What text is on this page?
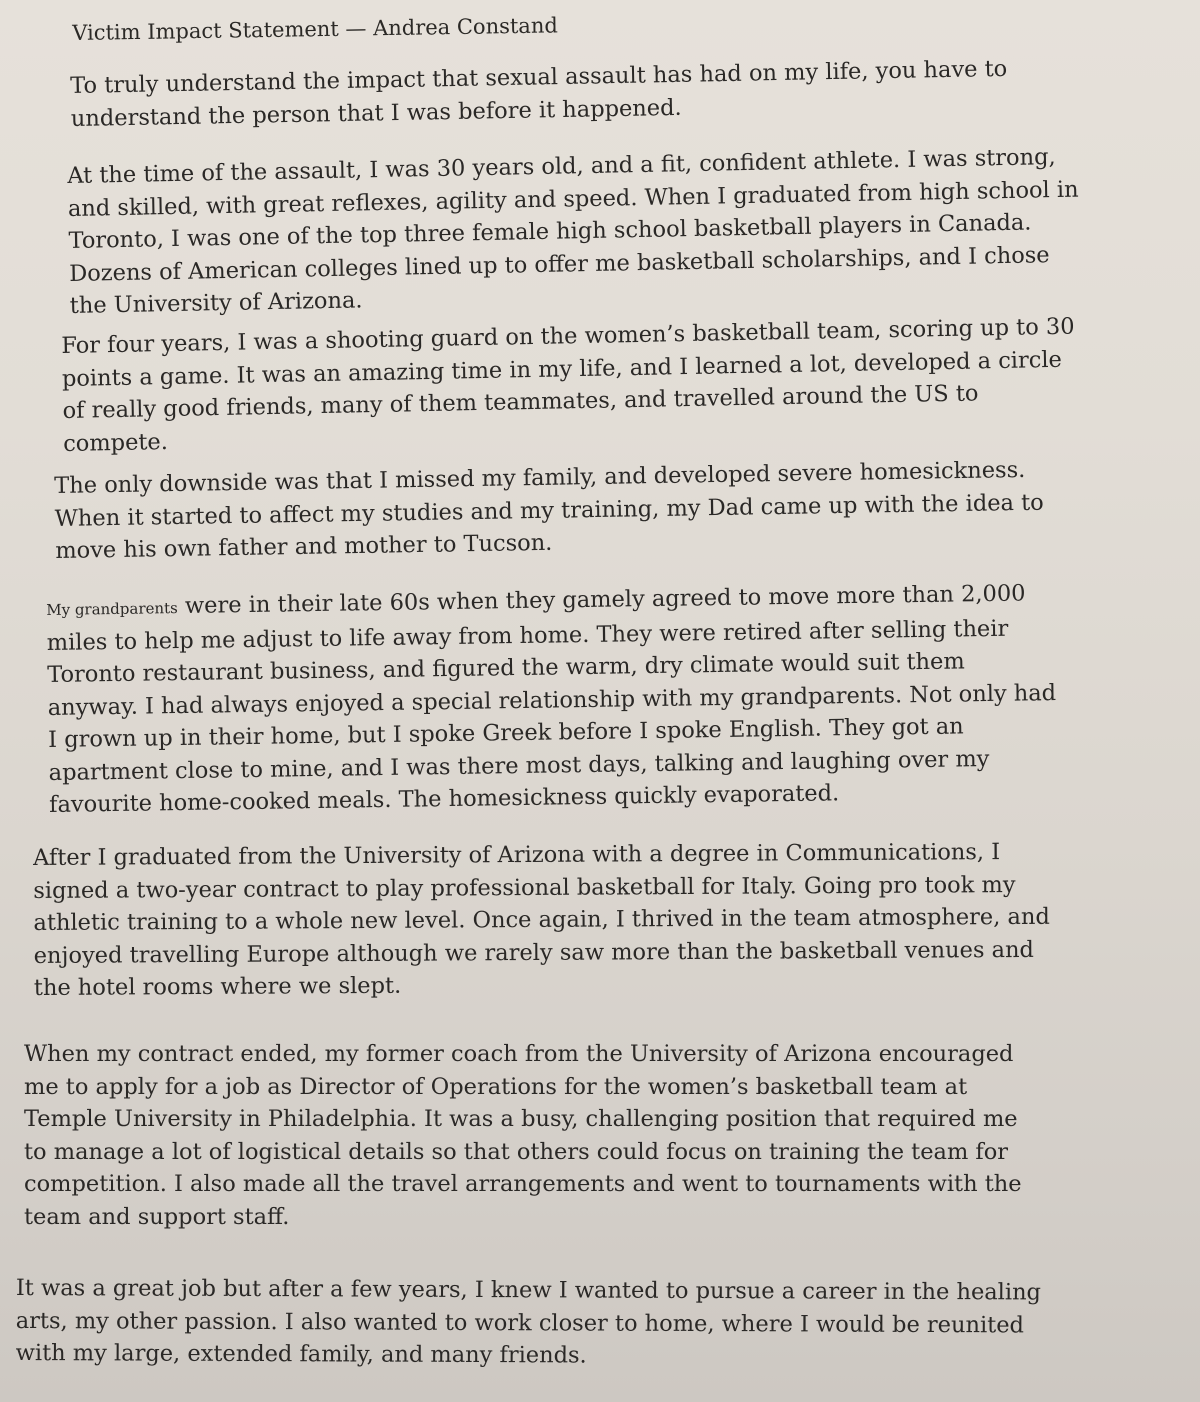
Victim Impact Statement — Andrea Constand
To truly understand the impact that sexual assault has had on my life, you have to
understand the person that I was before it happened.
At the time of the assault, I was 30 years old, and a fit, confident athlete. I was strong,
and skilled, with great reflexes, agility and speed. When I graduated from high school in
Toronto, I was one of the top three female high school basketball players in Canada.
Dozens of American colleges lined up to offer me basketball scholarships, and I chose
the University of Arizona.
For four years, I was a shooting guard on the women’s basketball team, scoring up to 30
points a game. It was an amazing time in my life, and I learned a lot, developed a circle
of really good friends, many of them teammates, and travelled around the US to
compete.
The only downside was that I missed my family, and developed severe homesickness.
When it started to affect my studies and my training, my Dad came up with the idea to
move his own father and mother to Tucson.
My grandparents were in their late 60s when they gamely agreed to move more than 2,000
miles to help me adjust to life away from home. They were retired after selling their
Toronto restaurant business, and figured the warm, dry climate would suit them
anyway. I had always enjoyed a special relationship with my grandparents. Not only had
I grown up in their home, but I spoke Greek before I spoke English. They got an
apartment close to mine, and I was there most days, talking and laughing over my
favourite home-cooked meals. The homesickness quickly evaporated.
After I graduated from the University of Arizona with a degree in Communications, I
signed a two-year contract to play professional basketball for Italy. Going pro took my
athletic training to a whole new level. Once again, I thrived in the team atmosphere, and
enjoyed travelling Europe although we rarely saw more than the basketball venues and
the hotel rooms where we slept.
When my contract ended, my former coach from the University of Arizona encouraged
me to apply for a job as Director of Operations for the women’s basketball team at
Temple University in Philadelphia. It was a busy, challenging position that required me
to manage a lot of logistical details so that others could focus on training the team for
competition. I also made all the travel arrangements and went to tournaments with the
team and support staff.
It was a great job but after a few years, I knew I wanted to pursue a career in the healing
arts, my other passion. I also wanted to work closer to home, where I would be reunited
with my large, extended family, and many friends.
